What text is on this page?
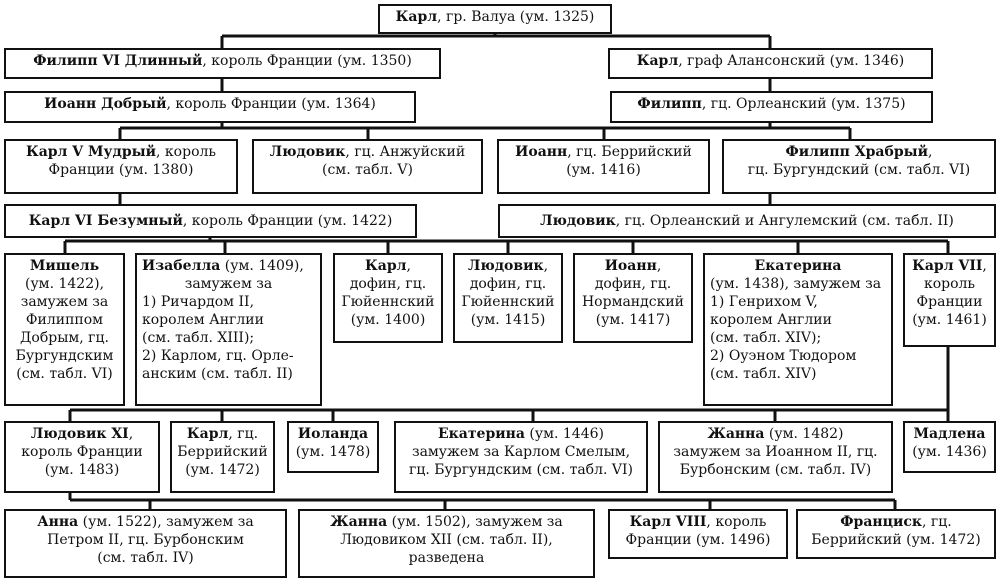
Карл, гр. Валуа (ум. 1325)
Филипп VI Длинный, король Франции (ум. 1350)	Карл, граф Алансонский (ум. 1346)
Иоанн Добрый, король Франции (ум. 1364)	Филипп, гц. Орлеанский (ум. 1375)
Карл V Мудрый, король
Франции (ум. 1380)
Людовик, гц. Анжуйский
(см. табл. V)
Иоанн, гц. Беррийский
(ум. 1416)
Филипп Храбрый,
гц. Бургундский (см. табл. VI)
Карл VI Безумный, король Франции (ум. 1422)	Людовик, гц. Орлеанский и Ангулемский (см. табл. II)
Мишель
(ум. 1422),
замужем за
Филиппом
Добрым, гц.
Бургундским
(см. табл. VI)
Изабелла (ум. 1409),
замужем за
1) Ричардом II,
королем Англии
(см. табл. XIII);
2) Карлом, гц. Орле-
анским (см. табл. II)
Карл,
дофин, гц.
Гюйеннский
(ум. 1400)
Людовик,
дофин, гц.
Гюйеннский
(ум. 1415)
Иоанн,
дофин, гц.
Нормандский
(ум. 1417)
Екатерина
(ум. 1438), замужем за
1) Генрихом V,
королем Англии
(см. табл. XIV);
2) Оуэном Тюдором
(см. табл. XIV)
Карл VII,
король
Франции
(ум. 1461)
Людовик XI,
король Франции
(ум. 1483)
Карл, гц.
Беррийский
(ум. 1472)
Иоланда
(ум. 1478)
Екатерина (ум. 1446)
замужем за Карлом Смелым,
гц. Бургундским (см. табл. VI)
Жанна (ум. 1482)
замужем за Иоанном II, гц.
Бурбонским (см. табл. IV)
Мадлена
(ум. 1436)
Анна (ум. 1522), замужем за
Петром II, гц. Бурбонским
(см. табл. IV)
Жанна (ум. 1502), замужем за
Людовиком XII (см. табл. II),
разведена
Карл VIII, король
Франции (ум. 1496)
Франциск, гц.
Беррийский (ум. 1472)
